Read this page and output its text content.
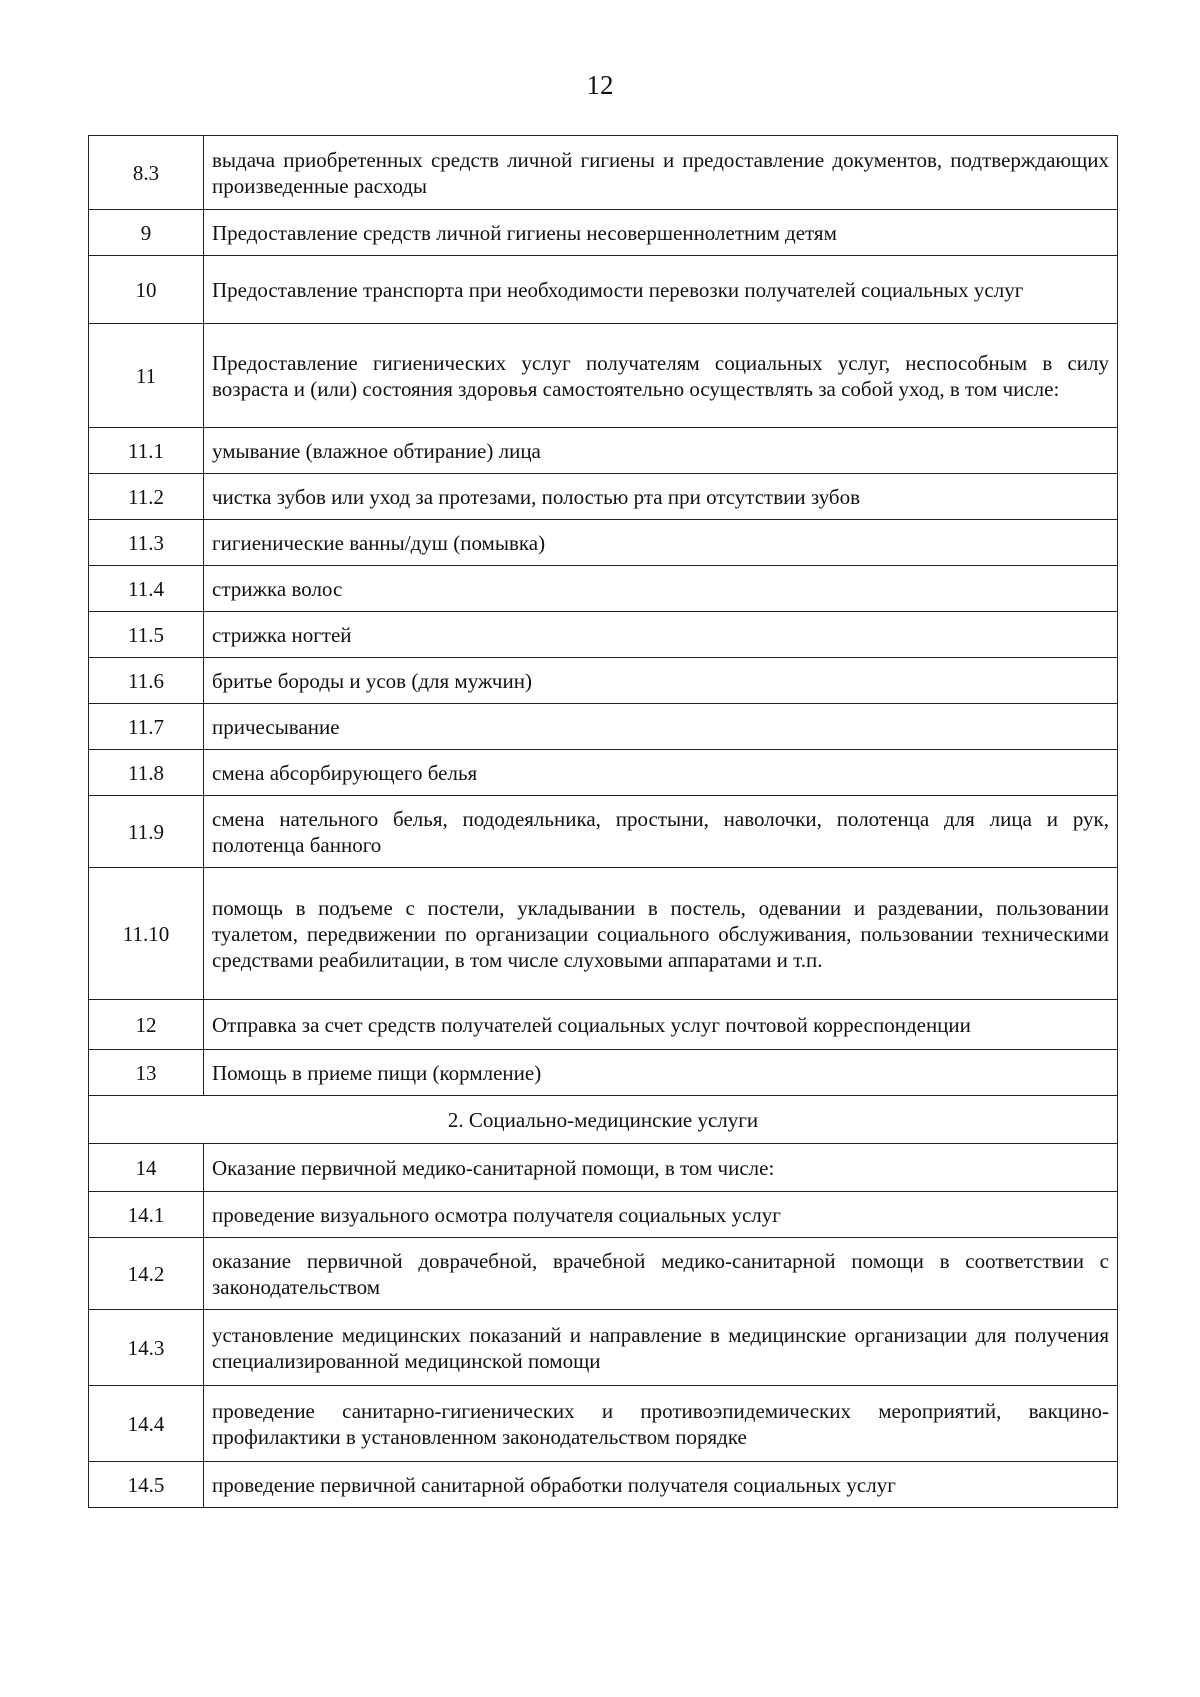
12
8.3	выдача приобретенных средств личной гигиены и предоставление документов, подтверждающих произведенные расходы
9	Предоставление средств личной гигиены несовершеннолетним детям
10	Предоставление транспорта при необходимости перевозки получателей социальных услуг
11	Предоставление гигиенических услуг получателям социальных услуг, неспособным в силу возраста и (или) состояния здоровья самостоятельно осуществлять за собой уход, в том числе:
11.1	умывание (влажное обтирание) лица
11.2	чистка зубов или уход за протезами, полостью рта при отсутствии зубов
11.3	гигиенические ванны/душ (помывка)
11.4	стрижка волос
11.5	стрижка ногтей
11.6	бритье бороды и усов (для мужчин)
11.7	причесывание
11.8	смена абсорбирующего белья
11.9	смена нательного белья, пододеяльника, простыни, наволочки, полотенца для лица и рук, полотенца банного
11.10	помощь в подъеме с постели, укладывании в постель, одевании и раздевании, пользовании туалетом, передвижении по организации социального обслуживания, пользовании техническими средствами реабилитации, в том числе слуховыми аппаратами и т.п.
12	Отправка за счет средств получателей социальных услуг почтовой корреспонденции
13	Помощь в приеме пищи (кормление)
2. Социально-медицинские услуги	
14	Оказание первичной медико-санитарной помощи, в том числе:
14.1	проведение визуального осмотра получателя социальных услуг
14.2	оказание первичной доврачебной, врачебной медико-санитарной помощи в соответствии с законодательством
14.3	установление медицинских показаний и направление в медицинские организации для получения специализированной медицинской помощи
14.4	проведение санитарно-гигиенических и противоэпидемических мероприятий, вакцино-профилактики в установленном законодательством порядке
14.5	проведение первичной санитарной обработки получателя социальных услуг
